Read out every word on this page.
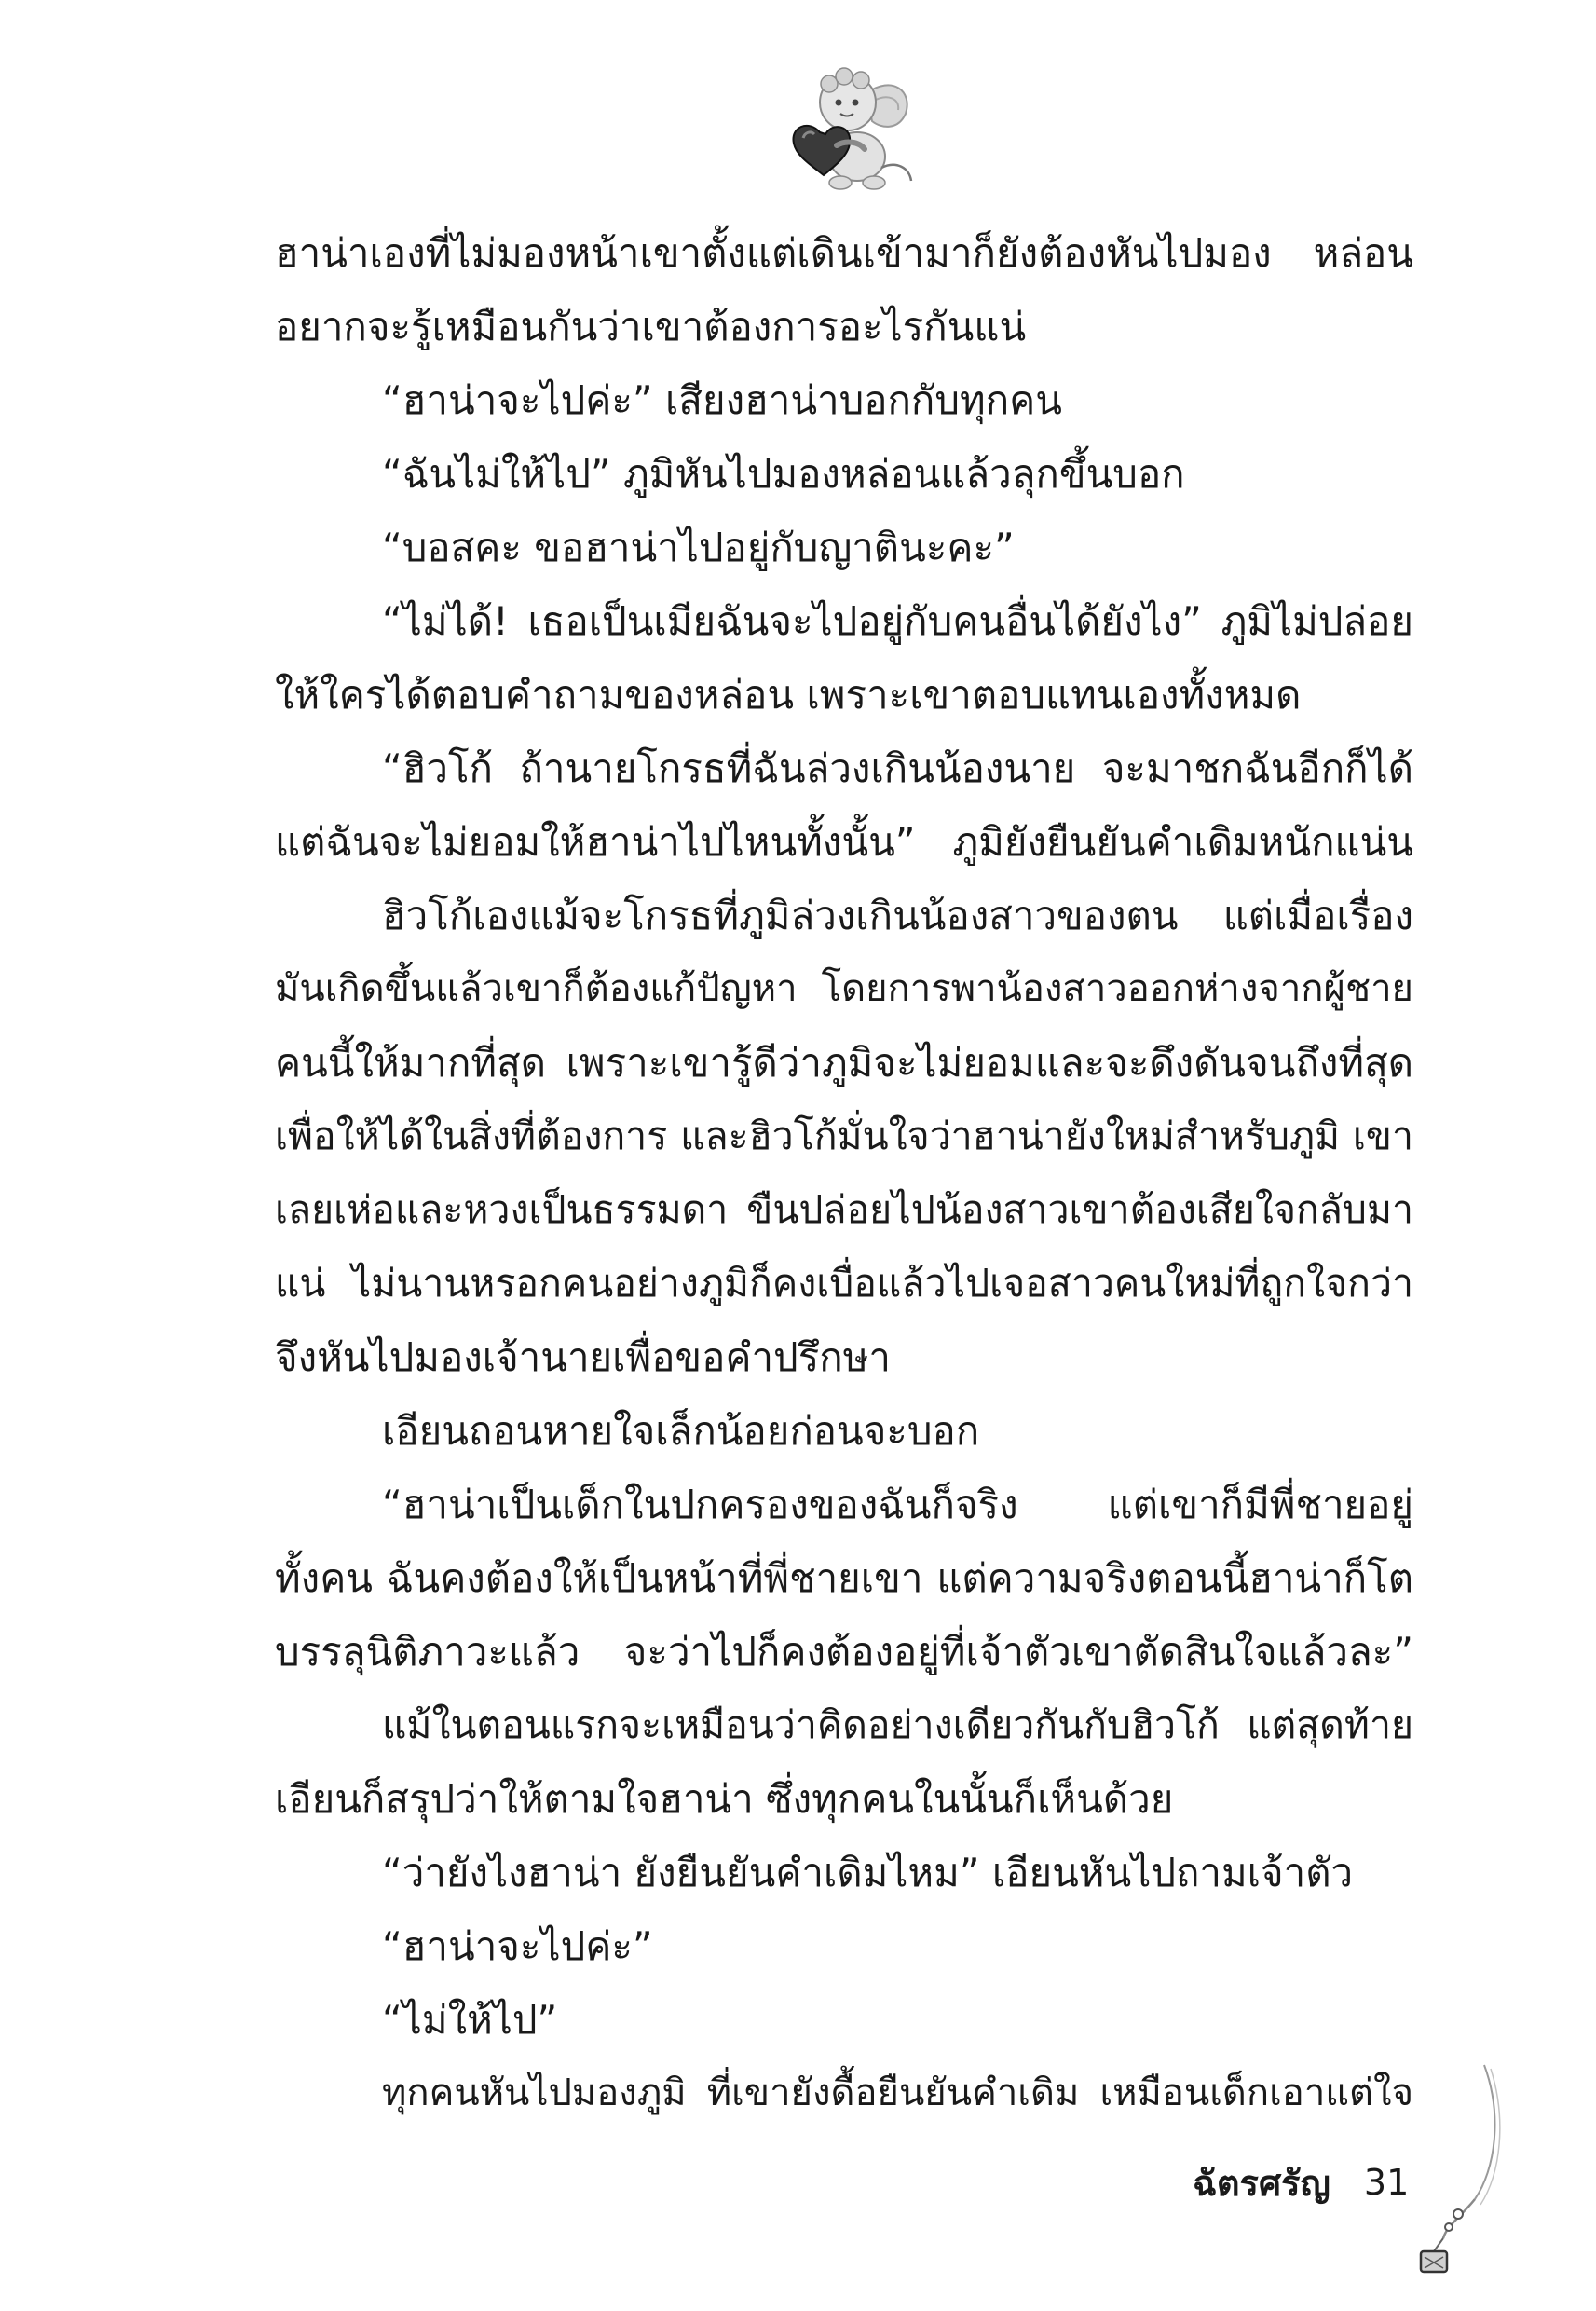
ฮาน่าเองที่ไม่มองหน้าเขาตั้งแต่เดินเข้ามาก็ยังต้องหันไปมอง หล่อน
อยากจะรู้เหมือนกันว่าเขาต้องการอะไรกันแน่
“ฮาน่าจะไปค่ะ” เสียงฮาน่าบอกกับทุกคน
“ฉันไม่ให้ไป” ภูมิหันไปมองหล่อนแล้วลุกขึ้นบอก
“บอสคะ ขอฮาน่าไปอยู่กับญาตินะคะ”
“ไม่ได้! เธอเป็นเมียฉันจะไปอยู่กับคนอื่นได้ยังไง” ภูมิไม่ปล่อย
ให้ใครได้ตอบคำถามของหล่อน เพราะเขาตอบแทนเองทั้งหมด
“ฮิวโก้ ถ้านายโกรธที่ฉันล่วงเกินน้องนาย จะมาชกฉันอีกก็ได้
แต่ฉันจะไม่ยอมให้ฮาน่าไปไหนทั้งนั้น” ภูมิยังยืนยันคำเดิมหนักแน่น
ฮิวโก้เองแม้จะโกรธที่ภูมิล่วงเกินน้องสาวของตน แต่เมื่อเรื่อง
มันเกิดขึ้นแล้วเขาก็ต้องแก้ปัญหา โดยการพาน้องสาวออกห่างจากผู้ชาย
คนนี้ให้มากที่สุด เพราะเขารู้ดีว่าภูมิจะไม่ยอมและจะดึงดันจนถึงที่สุด
เพื่อให้ได้ในสิ่งที่ต้องการ และฮิวโก้มั่นใจว่าฮาน่ายังใหม่สำหรับภูมิ เขา
เลยเห่อและหวงเป็นธรรมดา ขืนปล่อยไปน้องสาวเขาต้องเสียใจกลับมา
แน่ ไม่นานหรอกคนอย่างภูมิก็คงเบื่อแล้วไปเจอสาวคนใหม่ที่ถูกใจกว่า
จึงหันไปมองเจ้านายเพื่อขอคำปรึกษา
เอียนถอนหายใจเล็กน้อยก่อนจะบอก
“ฮาน่าเป็นเด็กในปกครองของฉันก็จริง แต่เขาก็มีพี่ชายอยู่
ทั้งคน ฉันคงต้องให้เป็นหน้าที่พี่ชายเขา แต่ความจริงตอนนี้ฮาน่าก็โต
บรรลุนิติภาวะแล้ว จะว่าไปก็คงต้องอยู่ที่เจ้าตัวเขาตัดสินใจแล้วละ”
แม้ในตอนแรกจะเหมือนว่าคิดอย่างเดียวกันกับฮิวโก้ แต่สุดท้าย
เอียนก็สรุปว่าให้ตามใจฮาน่า ซึ่งทุกคนในนั้นก็เห็นด้วย
“ว่ายังไงฮาน่า ยังยืนยันคำเดิมไหม” เอียนหันไปถามเจ้าตัว
“ฮาน่าจะไปค่ะ”
“ไม่ให้ไป”
ทุกคนหันไปมองภูมิ ที่เขายังดื้อยืนยันคำเดิม เหมือนเด็กเอาแต่ใจ
ฉัตรศรัญ 31
